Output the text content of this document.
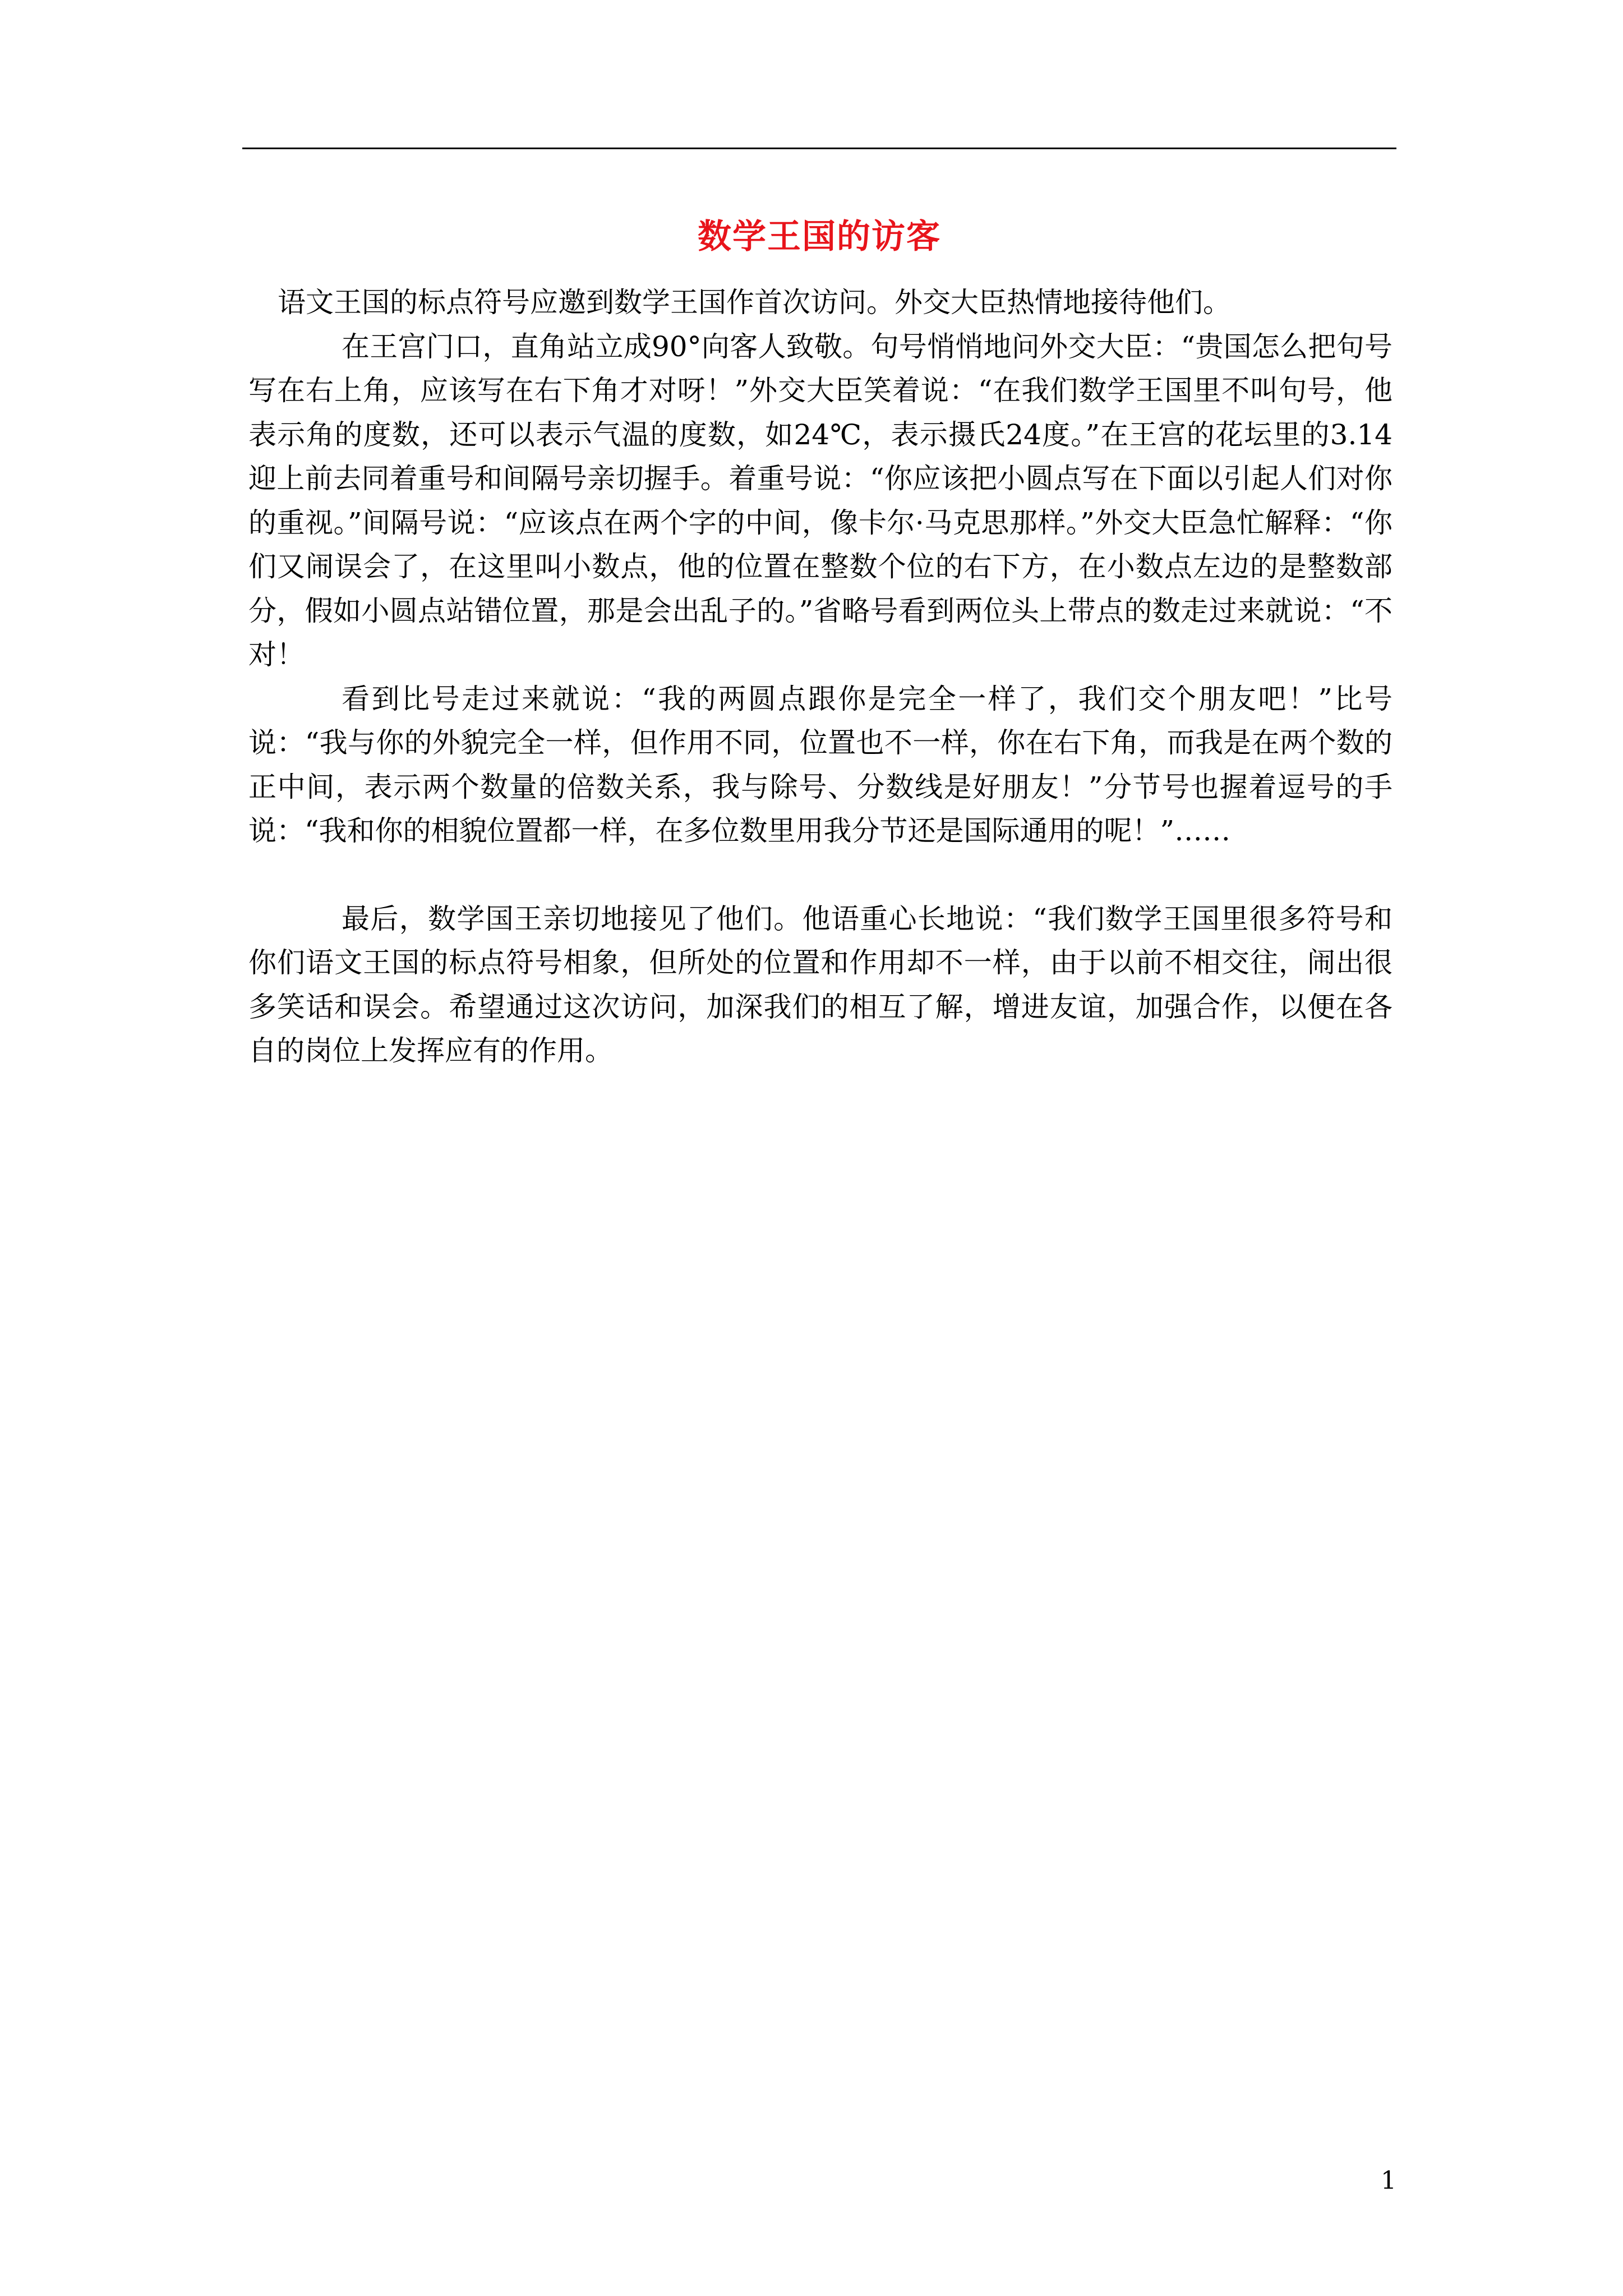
数学王国的访客

语文王国的标点符号应邀到数学王国作首次访问。外交大臣热情地接待他们。

在王宫门口，直角站立成90°向客人致敬。句号悄悄地问外交大臣：“贵国怎么把句号写在右上角，应该写在右下角才对呀！”外交大臣笑着说：“在我们数学王国里不叫句号，他表示角的度数，还可以表示气温的度数，如24℃，表示摄氏24度。”在王宫的花坛里的3.14迎上前去同着重号和间隔号亲切握手。着重号说：“你应该把小圆点写在下面以引起人们对你的重视。”间隔号说：“应该点在两个字的中间，像卡尔·马克思那样。”外交大臣急忙解释：“你们又闹误会了，在这里叫小数点，他的位置在整数个位的右下方，在小数点左边的是整数部分，假如小圆点站错位置，那是会出乱子的。”省略号看到两位头上带点的数走过来就说：“不对！

看到比号走过来就说：“我的两圆点跟你是完全一样了，我们交个朋友吧！”比号说：“我与你的外貌完全一样，但作用不同，位置也不一样，你在右下角，而我是在两个数的正中间，表示两个数量的倍数关系，我与除号、分数线是好朋友！”分节号也握着逗号的手说：“我和你的相貌位置都一样，在多位数里用我分节还是国际通用的呢！”……

最后，数学国王亲切地接见了他们。他语重心长地说：“我们数学王国里很多符号和你们语文王国的标点符号相象，但所处的位置和作用却不一样，由于以前不相交往，闹出很多笑话和误会。希望通过这次访问，加深我们的相互了解，增进友谊，加强合作，以便在各自的岗位上发挥应有的作用。

1
